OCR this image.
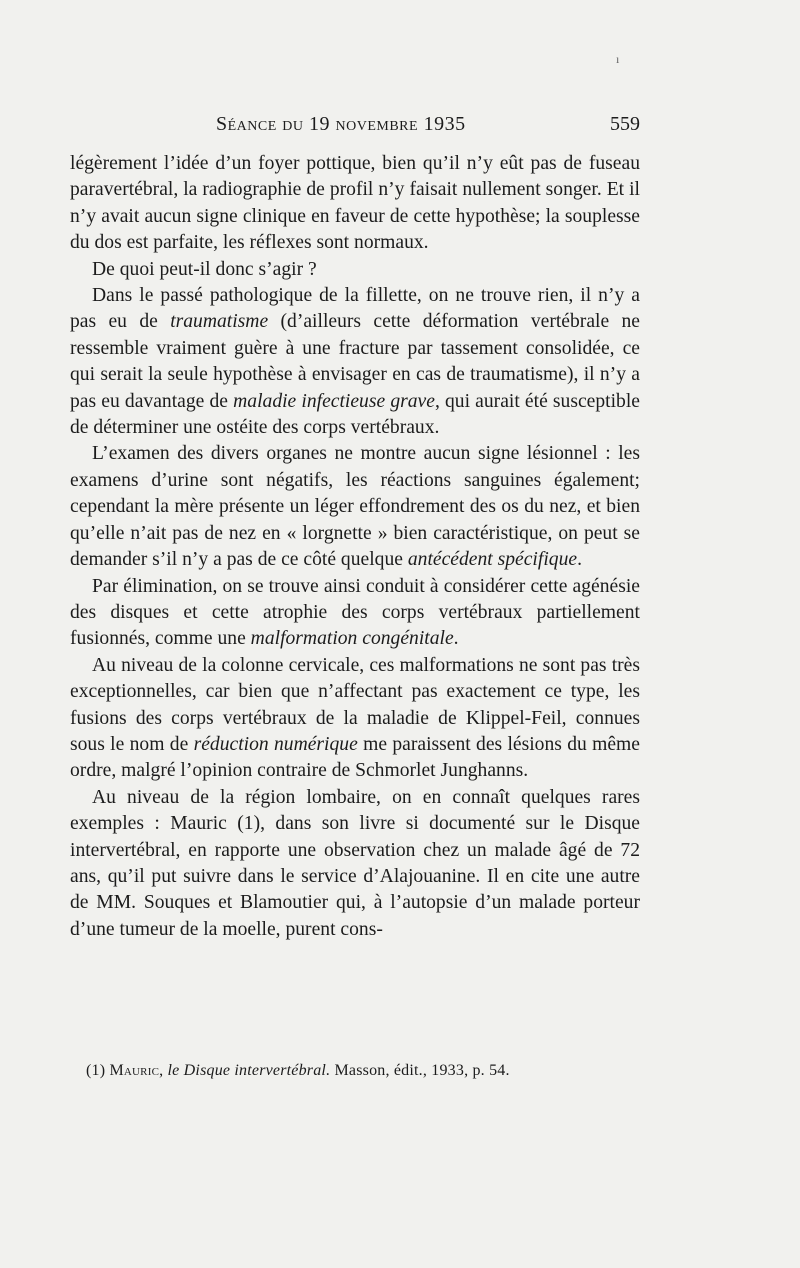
ı
Séance du 19 novembre 1935	559

légèrement l’idée d’un foyer pottique, bien qu’il n’y eût pas de fuseau paravertébral, la radiographie de profil n’y faisait nullement songer. Et il n’y avait aucun signe clinique en faveur de cette hypothèse; la souplesse du dos est parfaite, les réflexes sont normaux.

De quoi peut-il donc s’agir ?

Dans le passé pathologique de la fillette, on ne trouve rien, il n’y a pas eu de traumatisme (d’ailleurs cette déformation vertébrale ne ressemble vraiment guère à une fracture par tassement consolidée, ce qui serait la seule hypothèse à envisager en cas de traumatisme), il n’y a pas eu davantage de maladie infectieuse grave, qui aurait été susceptible de déterminer une ostéite des corps vertébraux.

L’examen des divers organes ne montre aucun signe lésionnel : les examens d’urine sont négatifs, les réactions sanguines également; cependant la mère présente un léger effondrement des os du nez, et bien qu’elle n’ait pas de nez en « lorgnette » bien caractéristique, on peut se demander s’il n’y a pas de ce côté quelque antécédent spécifique.

Par élimination, on se trouve ainsi conduit à considérer cette agénésie des disques et cette atrophie des corps vertébraux partiellement fusionnés, comme une malformation congénitale.

Au niveau de la colonne cervicale, ces malformations ne sont pas très exceptionnelles, car bien que n’affectant pas exactement ce type, les fusions des corps vertébraux de la maladie de Klippel-Feil, connues sous le nom de réduction numérique me paraissent des lésions du même ordre, malgré l’opinion contraire de Schmorlet Junghanns.

Au niveau de la région lombaire, on en connaît quelques rares exemples : Mauric (1), dans son livre si documenté sur le Disque intervertébral, en rapporte une observation chez un malade âgé de 72 ans, qu’il put suivre dans le service d’Alajouanine. Il en cite une autre de MM. Souques et Blamoutier qui, à l’autopsie d’un malade porteur d’une tumeur de la moelle, purent cons-

(1) Mauric, le Disque intervertébral. Masson, édit., 1933, p. 54.
